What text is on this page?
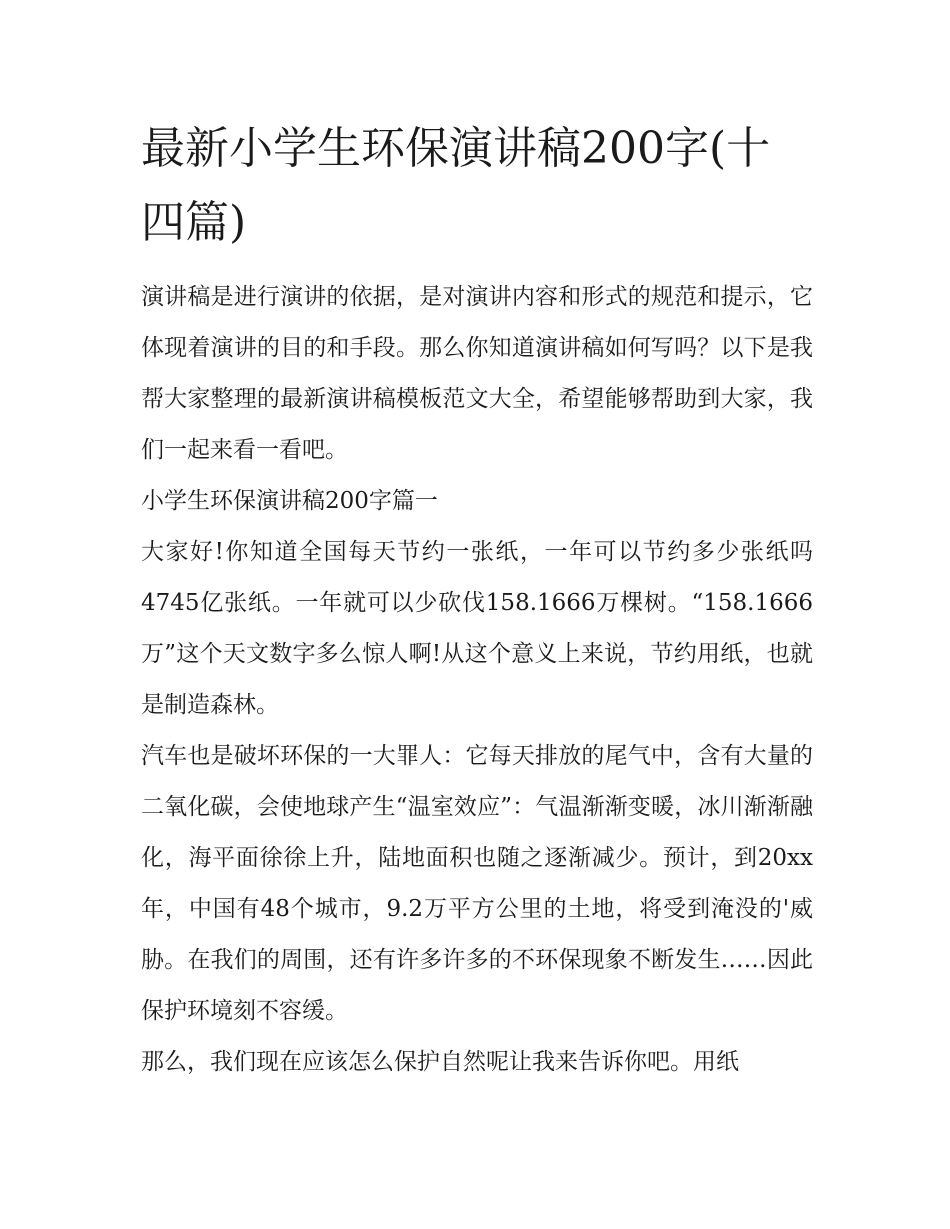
最新小学生环保演讲稿200字(十四篇)

演讲稿是进行演讲的依据，是对演讲内容和形式的规范和提示，它体现着演讲的目的和手段。那么你知道演讲稿如何写吗？以下是我帮大家整理的最新演讲稿模板范文大全，希望能够帮助到大家，我们一起来看一看吧。

小学生环保演讲稿200字篇一

大家好!你知道全国每天节约一张纸，一年可以节约多少张纸吗4745亿张纸。一年就可以少砍伐158.1666万棵树。“158.1666万”这个天文数字多么惊人啊!从这个意义上来说，节约用纸，也就是制造森林。

汽车也是破坏环保的一大罪人：它每天排放的尾气中，含有大量的二氧化碳，会使地球产生“温室效应”：气温渐渐变暖，冰川渐渐融化，海平面徐徐上升，陆地面积也随之逐渐减少。预计，到20xx年，中国有48个城市，9.2万平方公里的土地，将受到淹没的'威胁。在我们的周围，还有许多许多的不环保现象不断发生……因此保护环境刻不容缓。

那么，我们现在应该怎么保护自然呢让我来告诉你吧。用纸
